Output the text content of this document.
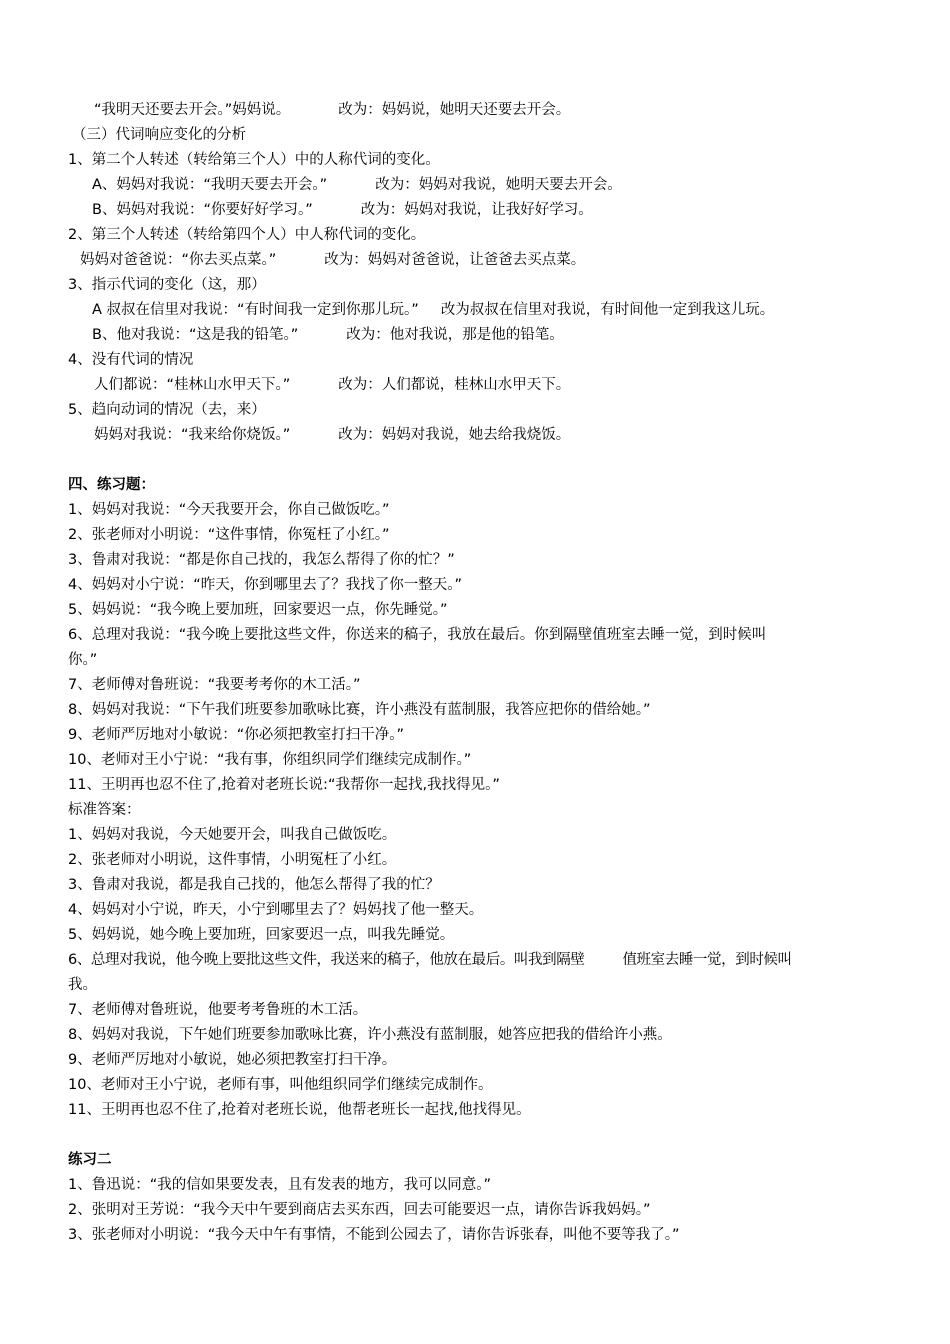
“我明天还要去开会。”妈妈说。	改为：妈妈说，她明天还要去开会。
（三）代词响应变化的分析
1、第二个人转述（转给第三个人）中的人称代词的变化。
A、妈妈对我说：“我明天要去开会。”	改为：妈妈对我说，她明天要去开会。
B、妈妈对我说：“你要好好学习。”	改为：妈妈对我说，让我好好学习。
2、第三个人转述（转给第四个人）中人称代词的变化。
妈妈对爸爸说：“你去买点菜。”	改为：妈妈对爸爸说，让爸爸去买点菜。
3、指示代词的变化（这，那）
A 叔叔在信里对我说：“有时间我一定到你那儿玩。” 改为叔叔在信里对我说，有时间他一定到我这儿玩。
B、他对我说：“这是我的铅笔。”	改为：他对我说，那是他的铅笔。
4、没有代词的情况
人们都说：“桂林山水甲天下。”	改为：人们都说，桂林山水甲天下。
5、趋向动词的情况（去，来）
妈妈对我说：“我来给你烧饭。”	改为：妈妈对我说，她去给我烧饭。
四、练习题：
1、妈妈对我说：“今天我要开会，你自己做饭吃。”
2、张老师对小明说：“这件事情，你冤枉了小红。”
3、鲁肃对我说：“都是你自己找的，我怎么帮得了你的忙？”
4、妈妈对小宁说：“昨天，你到哪里去了？我找了你一整天。”
5、妈妈说：“我今晚上要加班，回家要迟一点，你先睡觉。”
6、总理对我说：“我今晚上要批这些文件，你送来的稿子，我放在最后。你到隔壁值班室去睡一觉，到时候叫
你。”
7、老师傅对鲁班说：“我要考考你的木工活。”
8、妈妈对我说：“下午我们班要参加歌咏比赛，许小燕没有蓝制服，我答应把你的借给她。”
9、老师严厉地对小敏说：“你必须把教室打扫干净。”
10、老师对王小宁说：“我有事，你组织同学们继续完成制作。”
11、王明再也忍不住了,抢着对老班长说:“我帮你一起找,我找得见。”
标准答案：
1、妈妈对我说，今天她要开会，叫我自己做饭吃。
2、张老师对小明说，这件事情，小明冤枉了小红。
3、鲁肃对我说，都是我自己找的，他怎么帮得了我的忙？
4、妈妈对小宁说，昨天，小宁到哪里去了？妈妈找了他一整天。
5、妈妈说，她今晚上要加班，回家要迟一点，叫我先睡觉。
6、总理对我说，他今晚上要批这些文件，我送来的稿子，他放在最后。叫我到隔壁	值班室去睡一觉，到时候叫
我。
7、老师傅对鲁班说，他要考考鲁班的木工活。
8、妈妈对我说，下午她们班要参加歌咏比赛，许小燕没有蓝制服，她答应把我的借给许小燕。
9、老师严厉地对小敏说，她必须把教室打扫干净。
10、老师对王小宁说，老师有事，叫他组织同学们继续完成制作。
11、王明再也忍不住了,抢着对老班长说，他帮老班长一起找,他找得见。
练习二
1、鲁迅说：“我的信如果要发表，且有发表的地方，我可以同意。”
2、张明对王芳说：“我今天中午要到商店去买东西，回去可能要迟一点，请你告诉我妈妈。”
3、张老师对小明说：“我今天中午有事情，不能到公园去了，请你告诉张春，叫他不要等我了。”
